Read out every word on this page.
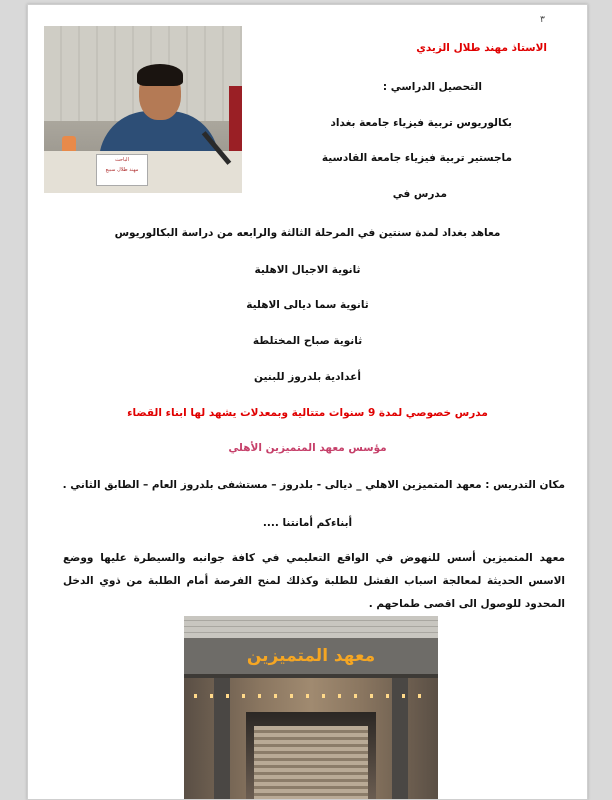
٣
الباحث
مهند طلال سبيع
الاستاذ مهند طلال الزيدي
التحصيل الدراسي :
بكالوريوس تربية فيزياء جامعة بغداد
ماجستير تربية فيزياء جامعة القادسية
مدرس في
معاهد بغداد لمدة سنتين في المرحلة الثالثة والرابعه من دراسة البكالوريوس
ثانوية الاجيال الاهلية
ثانوية سما ديالى الاهلية
ثانوية صباح المختلطة
أعدادية بلدروز للبنين
مدرس خصوصي لمدة 9 سنوات متتالية وبمعدلات يشهد لها ابناء القضاء
مؤسس معهد المتميزين الأهلي
مكان التدريس : معهد المتميزين الاهلي _ ديالى - بلدروز – مستشفى بلدروز العام – الطابق الثاني .
أبناءكم أمانتنا ....
معهد المتميزين أسس للنهوض في الواقع التعليمي في كافة جوانبه والسيطرة عليها ووضع الاسس الحديثة لمعالجة اسباب الفشل للطلبة وكذلك لمنح الفرصة أمام الطلبة من ذوي الدخل المحدود للوصول الى اقصى طماحهم .
معهد المتميزين
